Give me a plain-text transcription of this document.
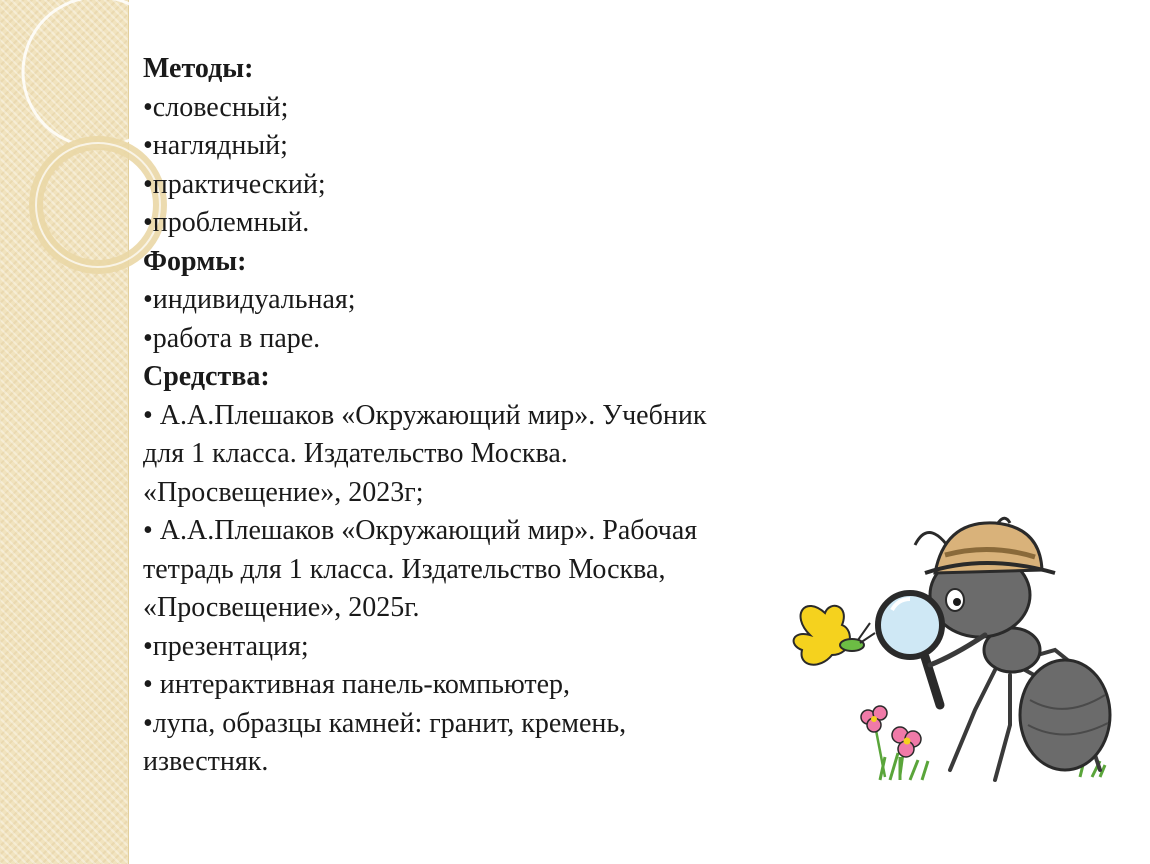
Методы:
•словесный;
•наглядный;
•практический;
•проблемный.
Формы:
•индивидуальная;
•работа в паре.
Средства:
• А.А.Плешаков «Окружающий мир». Учебник
для 1 класса. Издательство Москва.
«Просвещение», 2023г;
• А.А.Плешаков «Окружающий мир». Рабочая
тетрадь для 1 класса. Издательство Москва,
«Просвещение», 2025г.
•презентация;
• интерактивная панель-компьютер,
•лупа, образцы камней: гранит, кремень,
известняк.
